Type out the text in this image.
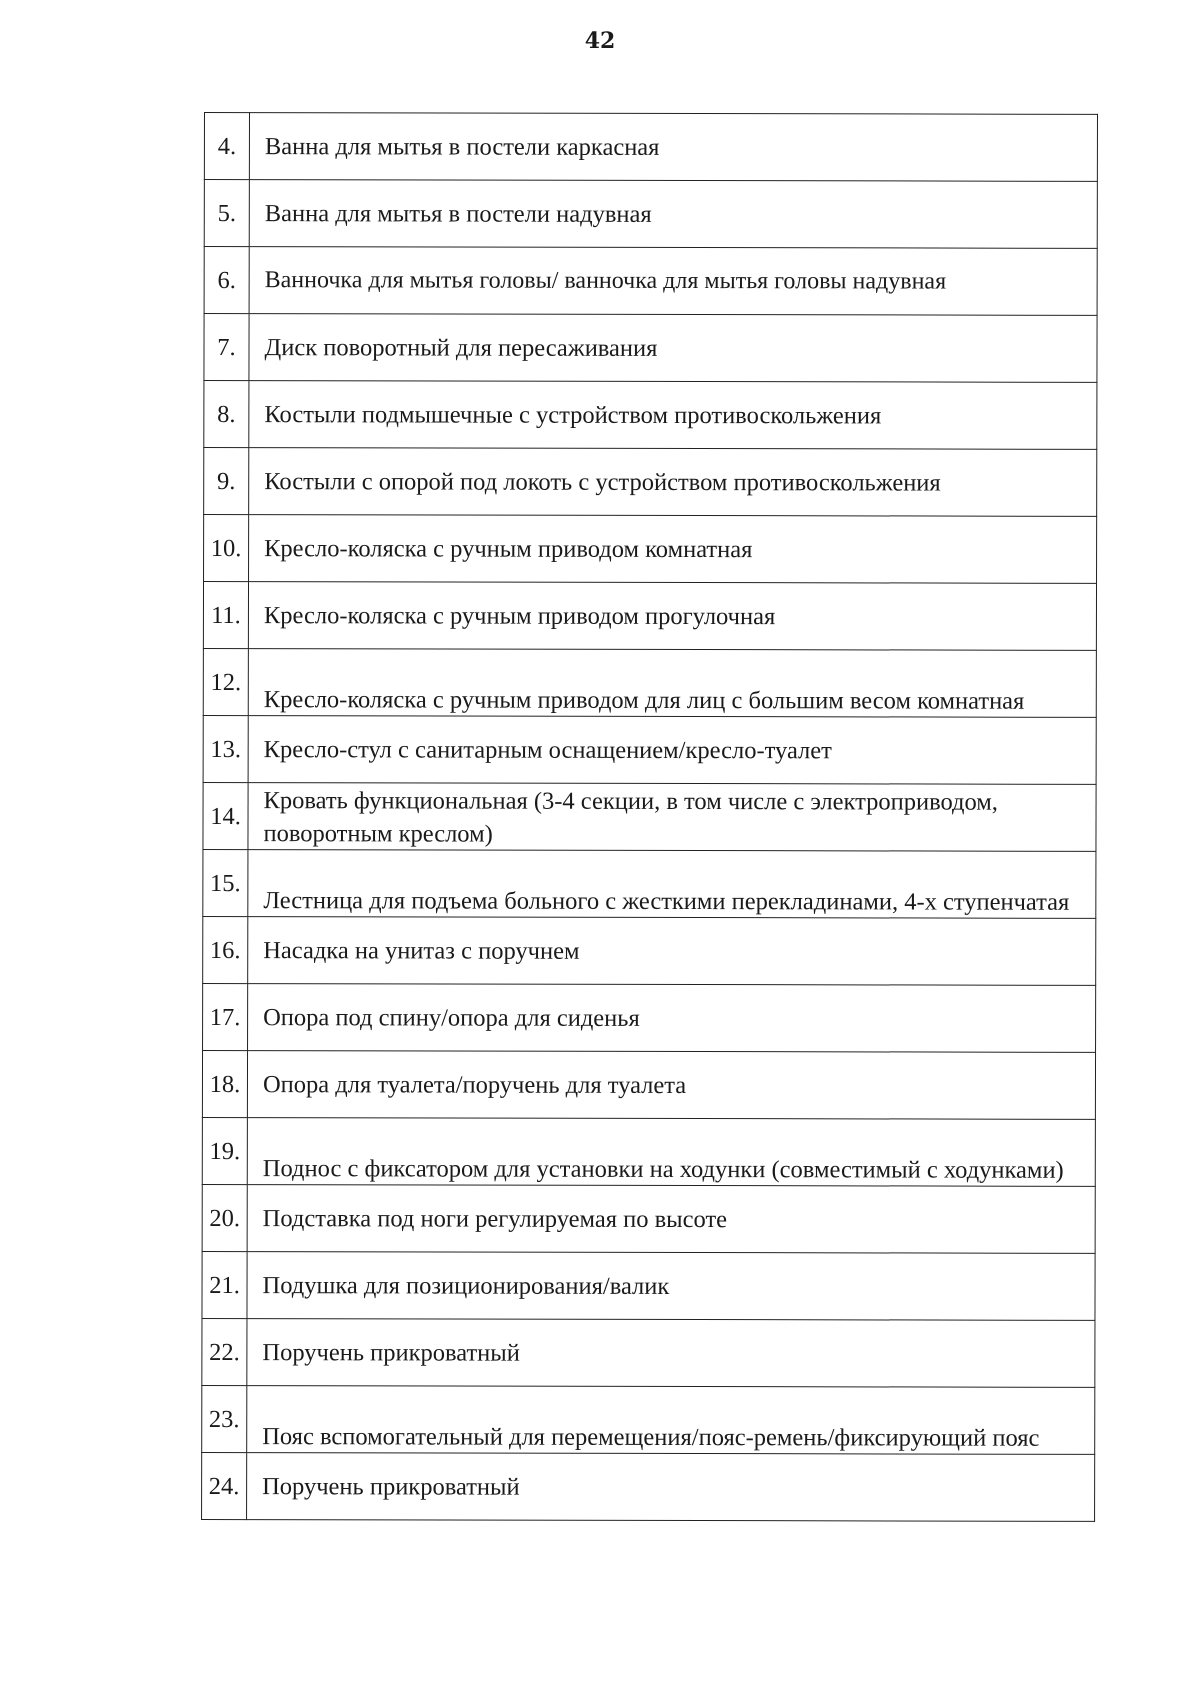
42
4.	Ванна для мытья в постели каркасная
5.	Ванна для мытья в постели надувная
6.	Ванночка для мытья головы/ ванночка для мытья головы надувная
7.	Диск поворотный для пересаживания
8.	Костыли подмышечные с устройством противоскольжения
9.	Костыли с опорой под локоть с устройством противоскольжения
10.	Кресло-коляска с ручным приводом комнатная
11.	Кресло-коляска с ручным приводом прогулочная
12.	Кресло-коляска с ручным приводом для лиц с большим весом комнатная

13.	Кресло-стул с санитарным оснащением/кресло-туалет
14.	Кровать функциональная (3-4 секции, в том числе с электроприводом, поворотным креслом)

15.	Лестница для подъема больного с жесткими перекладинами, 4-х ступенчатая

16.	Насадка на унитаз с поручнем
17.	Опора под спину/опора для сиденья
18.	Опора для туалета/поручень для туалета
19.	Поднос с фиксатором для установки на ходунки (совместимый с ходунками)

20.	Подставка под ноги регулируемая по высоте
21.	Подушка для позиционирования/валик
22.	Поручень прикроватный
23.	Пояс вспомогательный для перемещения/пояс-ремень/фиксирующий пояс

24.	Поручень прикроватный
